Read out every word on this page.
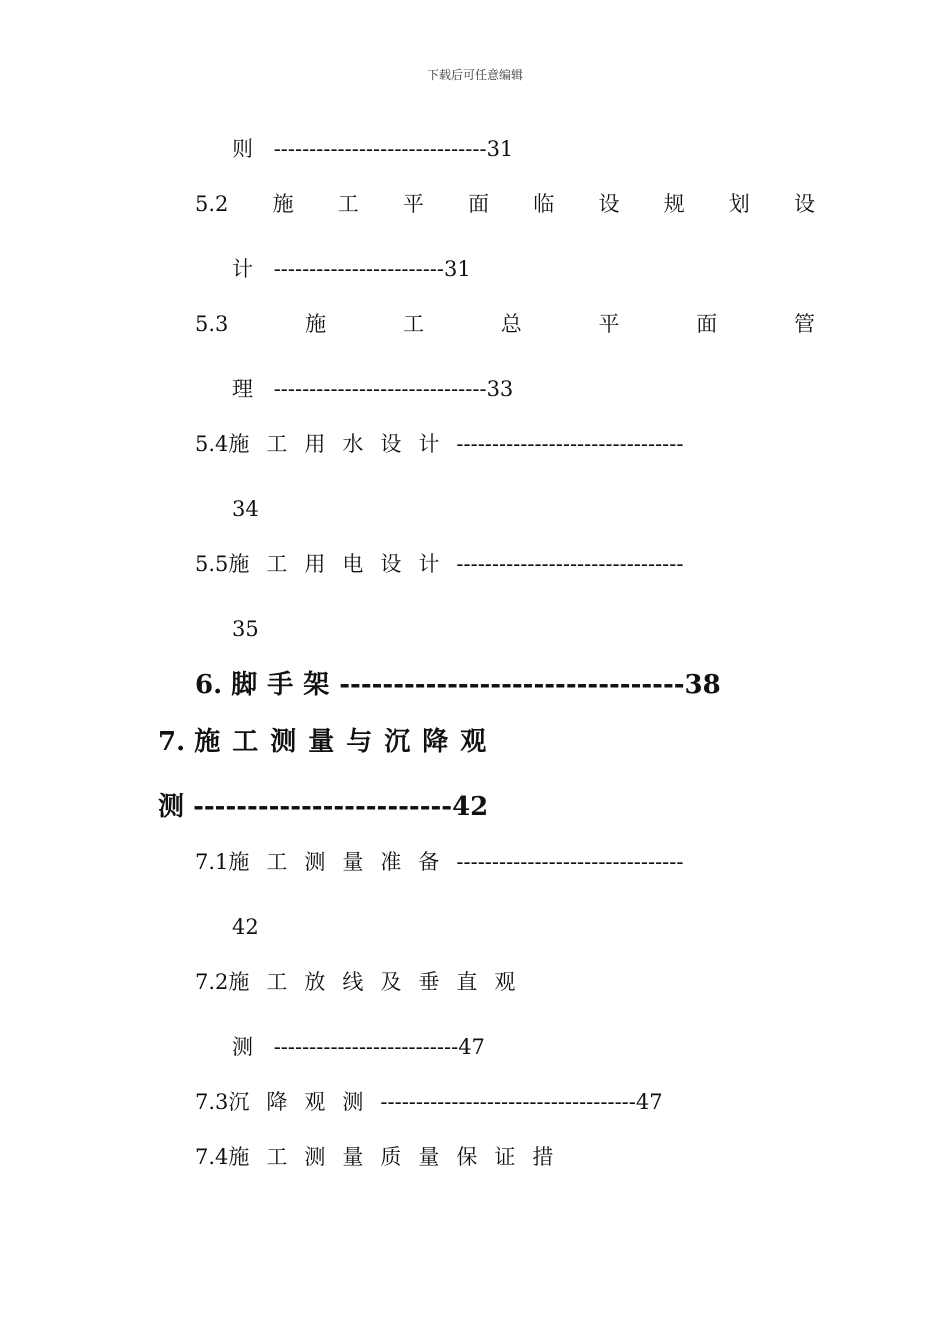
下载后可任意编辑
则 ------------------------------31
5.2 施 工 平 面 临 设 规 划 设
计 ------------------------31
5.3	施	工	总	平	面	管
理 ------------------------------33
5.4施工用水设计--------------------------------
34
5.5施工用电设计--------------------------------
35
6. 脚手架--------------------------------38
7. 施工测量与沉降观
测 ------------------------42
7.1施工测量准备--------------------------------
42
7.2施工放线及垂直观
测 --------------------------47
7.3沉降观测------------------------------------47
7.4施工测量质量保证措
